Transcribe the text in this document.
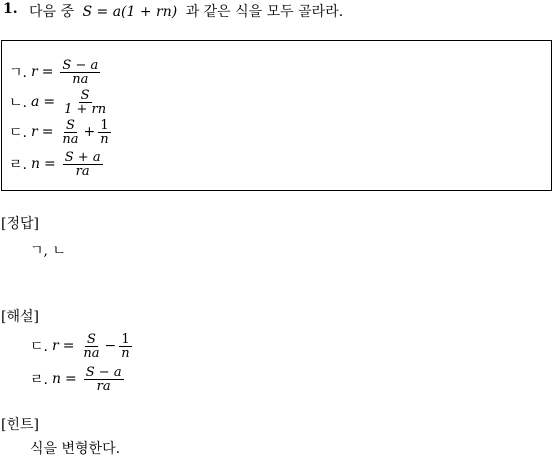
1. 다음 중 S = a(1 + rn) 과 같은 식을 모두 골라라.
ㄱ. $r = \frac{S - a}{na}$
ㄴ. $a = \frac{S}{1 + rn}$
ㄷ. $r = \frac{S}{na} + \frac{1}{n}$
ㄹ. $n = \frac{S + a}{ra}$
[정답]
ㄱ, ㄴ
[해설]
ㄷ. $r = \frac{S}{na} - \frac{1}{n}$
ㄹ. $n = \frac{S - a}{ra}$
[힌트]
식을 변형한다.
